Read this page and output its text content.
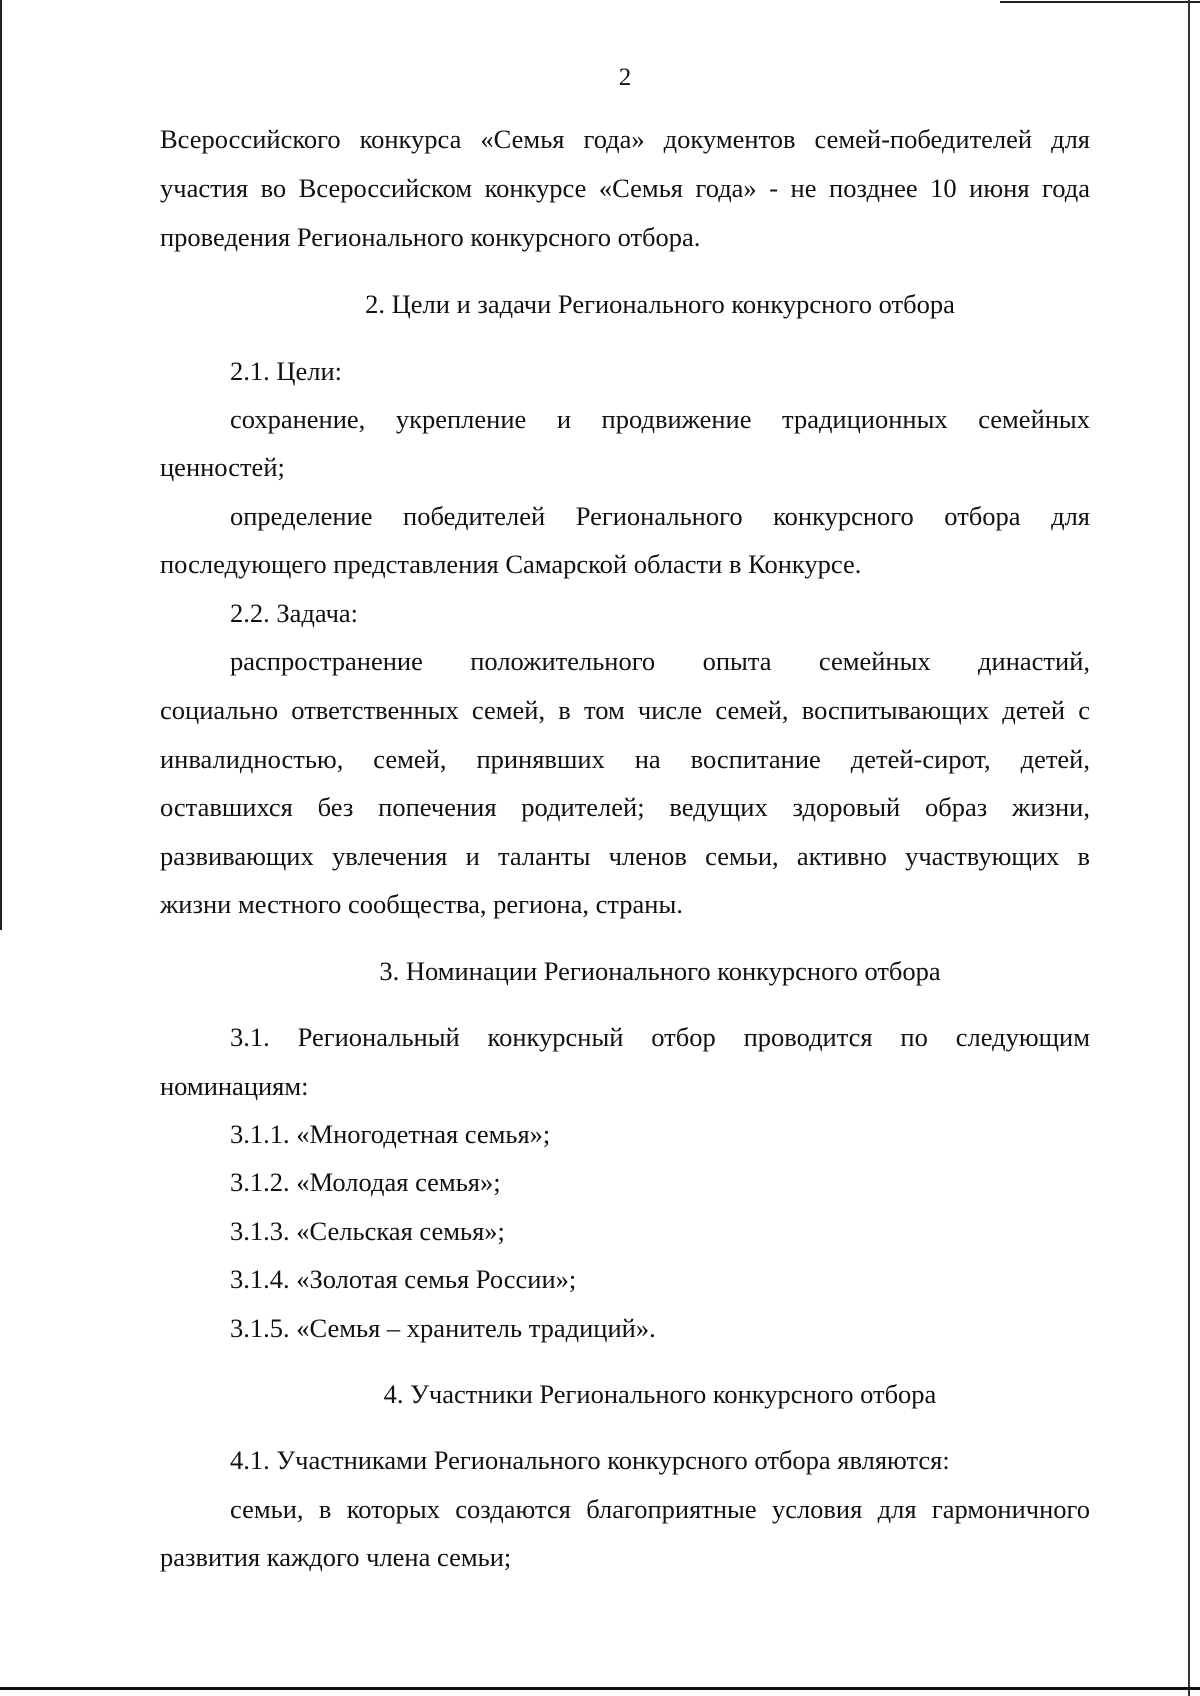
2
Всероссийского конкурса «Семья года» документов семей-победителей для
участия во Всероссийском конкурсе «Семья года» - не позднее 10 июня года
проведения Регионального конкурсного отбора.
2. Цели и задачи Регионального конкурсного отбора
2.1. Цели:
сохранение, укрепление и продвижение традиционных семейных
ценностей;
определение победителей Регионального конкурсного отбора для
последующего представления Самарской области в Конкурсе.
2.2. Задача:
распространение положительного опыта семейных династий,
социально ответственных семей, в том числе семей, воспитывающих детей с
инвалидностью, семей, принявших на воспитание детей-сирот, детей,
оставшихся без попечения родителей; ведущих здоровый образ жизни,
развивающих увлечения и таланты членов семьи, активно участвующих в
жизни местного сообщества, региона, страны.
3. Номинации Регионального конкурсного отбора
3.1. Региональный конкурсный отбор проводится по следующим
номинациям:
3.1.1. «Многодетная семья»;
3.1.2. «Молодая семья»;
3.1.3. «Сельская семья»;
3.1.4. «Золотая семья России»;
3.1.5. «Семья – хранитель традиций».
4. Участники Регионального конкурсного отбора
4.1. Участниками Регионального конкурсного отбора являются:
семьи, в которых создаются благоприятные условия для гармоничного
развития каждого члена семьи;
